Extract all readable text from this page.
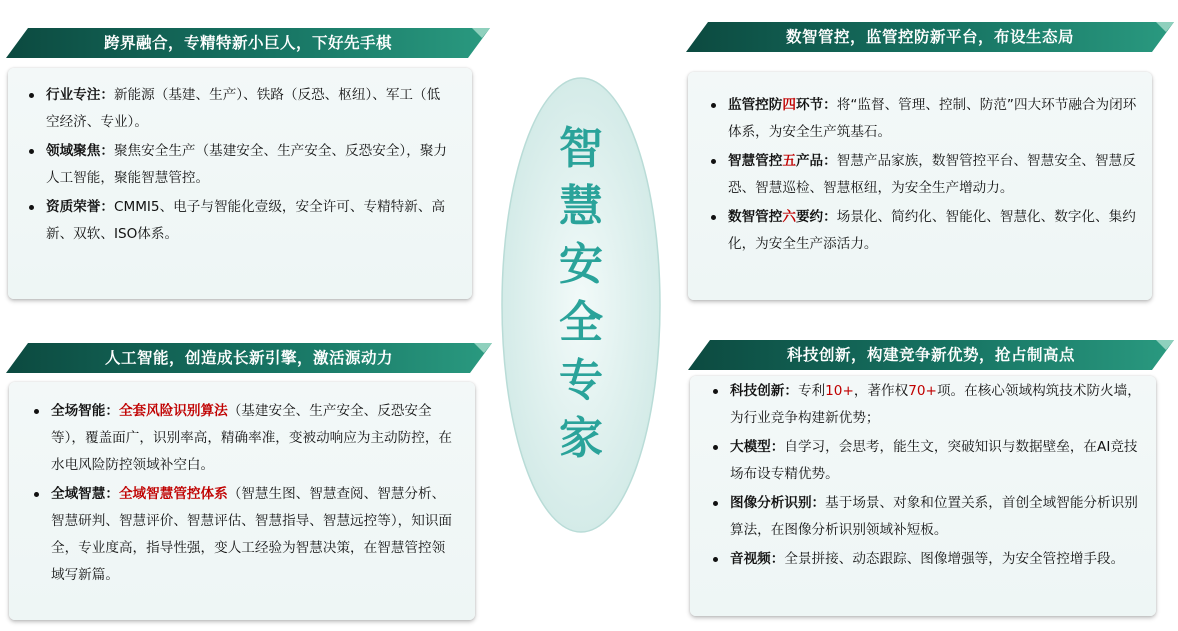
跨界融合，专精特新小巨人，下好先手棋
行业专注：新能源（基建、生产）、铁路（反恐、枢纽）、军工（低空经济、专业）。
领域聚焦：聚焦安全生产（基建安全、生产安全、反恐安全），聚力人工智能，聚能智慧管控。
资质荣誉：CMMI5、电子与智能化壹级，安全许可、专精特新、高新、双软、ISO体系。
人工智能，创造成长新引擎，激活源动力
全场智能：全套风险识别算法（基建安全、生产安全、反恐安全等），覆盖面广，识别率高，精确率准，变被动响应为主动防控，在水电风险防控领域补空白。
全域智慧：全域智慧管控体系（智慧生图、智慧查阅、智慧分析、智慧研判、智慧评价、智慧评估、智慧指导、智慧远控等），知识面全，专业度高，指导性强，变人工经验为智慧决策，在智慧管控领域写新篇。
智
慧
安
全
专
家
数智管控，监管控防新平台，布设生态局
监管控防四环节：将“监督、管理、控制、防范”四大环节融合为闭环体系，为安全生产筑基石。
智慧管控五产品：智慧产品家族，数智管控平台、智慧安全、智慧反恐、智慧巡检、智慧枢纽，为安全生产增动力。
数智管控六要约：场景化、简约化、智能化、智慧化、数字化、集约化，为安全生产添活力。
科技创新，构建竞争新优势，抢占制高点
科技创新：专利10+，著作权70+项。在核心领域构筑技术防火墙，为行业竞争构建新优势；
大模型：自学习，会思考，能生文，突破知识与数据壁垒，在AI竞技场布设专精优势。
图像分析识别：基于场景、对象和位置关系，首创全域智能分析识别算法，在图像分析识别领域补短板。
音视频：全景拼接、动态跟踪、图像增强等，为安全管控增手段。
